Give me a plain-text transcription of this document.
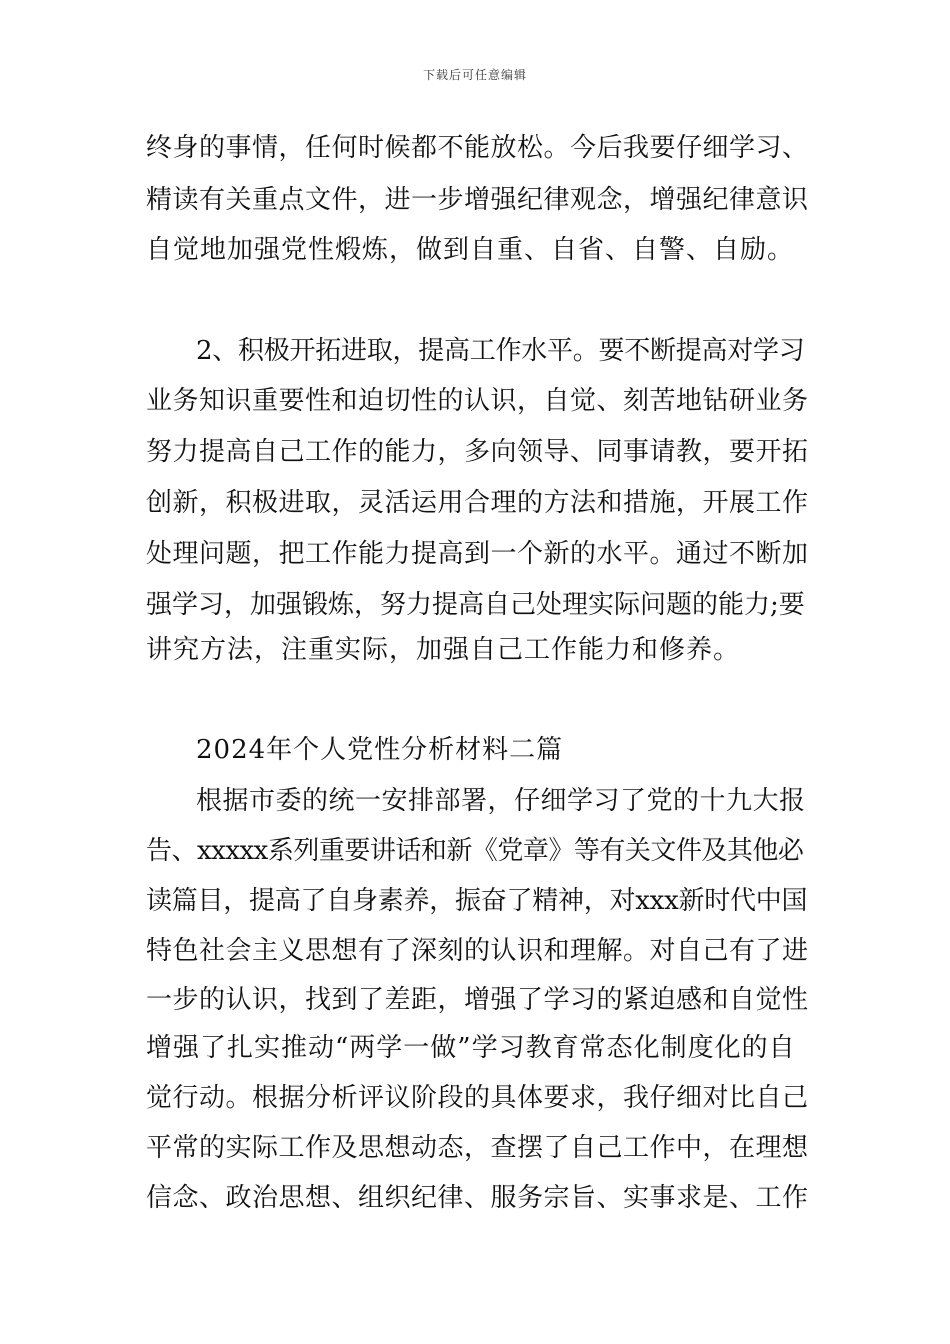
下载后可任意编辑
终身的事情，任何时候都不能放松。今后我要仔细学习、
精读有关重点文件，进一步增强纪律观念，增强纪律意识
自觉地加强党性煅炼，做到自重、自省、自警、自励。
2、积极开拓进取，提高工作水平。要不断提高对学习
业务知识重要性和迫切性的认识，自觉、刻苦地钻研业务
努力提高自己工作的能力，多向领导、同事请教，要开拓
创新，积极进取，灵活运用合理的方法和措施，开展工作
处理问题，把工作能力提高到一个新的水平。通过不断加
强学习，加强锻炼，努力提高自己处理实际问题的能力;要
讲究方法，注重实际，加强自己工作能力和修养。
2024年个人党性分析材料二篇
根据市委的统一安排部署，仔细学习了党的十九大报
告、xxxxx系列重要讲话和新《党章》等有关文件及其他必
读篇目，提高了自身素养，振奋了精神，对xxx新时代中国
特色社会主义思想有了深刻的认识和理解。对自己有了进
一步的认识，找到了差距，增强了学习的紧迫感和自觉性
增强了扎实推动“两学一做”学习教育常态化制度化的自
觉行动。根据分析评议阶段的具体要求，我仔细对比自己
平常的实际工作及思想动态，查摆了自己工作中，在理想
信念、政治思想、组织纪律、服务宗旨、实事求是、工作
